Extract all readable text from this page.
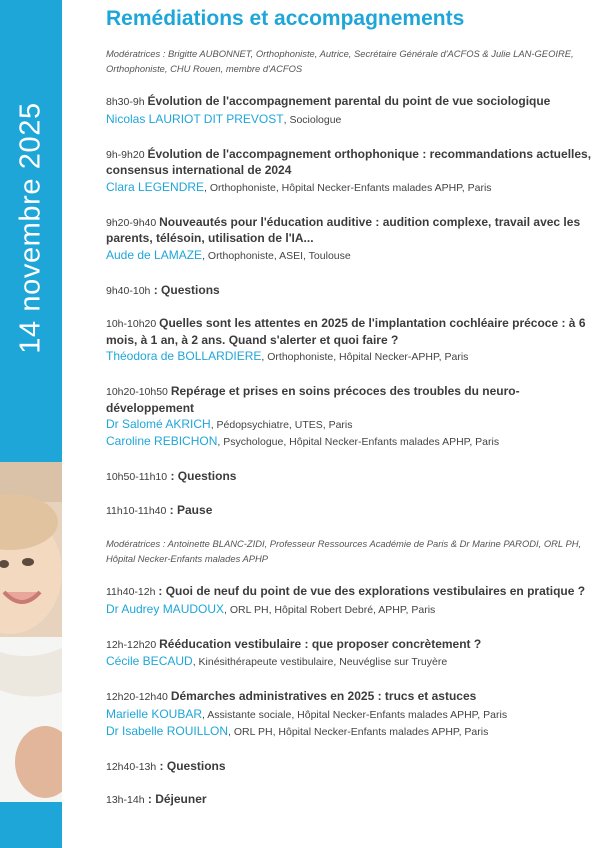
14 novembre 2025
Remédiations et accompagnements
Modératrices : Brigitte AUBONNET, Orthophoniste, Autrice, Secrétaire Générale d'ACFOS & Julie LAN-GEOIRE, Orthophoniste, CHU Rouen, membre d'ACFOS
8h30-9h Évolution de l'accompagnement parental du point de vue sociologique
Nicolas LAURIOT DIT PREVOST, Sociologue
9h-9h20 Évolution de l'accompagnement orthophonique : recommandations actuelles, consensus international de 2024
Clara LEGENDRE, Orthophoniste, Hôpital Necker-Enfants malades APHP, Paris
9h20-9h40 Nouveautés pour l'éducation auditive : audition complexe, travail avec les parents, télésoin, utilisation de l'IA...
Aude de LAMAZE, Orthophoniste, ASEI, Toulouse
9h40-10h : Questions
10h-10h20 Quelles sont les attentes en 2025 de l'implantation cochléaire précoce : à 6 mois, à 1 an, à 2 ans. Quand s'alerter et quoi faire ?
Théodora de BOLLARDIERE, Orthophoniste, Hôpital Necker-APHP, Paris
10h20-10h50 Repérage et prises en soins précoces des troubles du neuro-développement
Dr Salomé AKRICH, Pédopsychiatre, UTES, Paris
Caroline REBICHON, Psychologue, Hôpital Necker-Enfants malades APHP, Paris
10h50-11h10 : Questions
11h10-11h40 : Pause
Modératrices : Antoinette BLANC-ZIDI, Professeur Ressources Académie de Paris & Dr Marine PARODI, ORL PH, Hôpital Necker-Enfants malades APHP
11h40-12h : Quoi de neuf du point de vue des explorations vestibulaires en pratique ?
Dr Audrey MAUDOUX, ORL PH, Hôpital Robert Debré, APHP, Paris
12h-12h20 Rééducation vestibulaire : que proposer concrètement ?
Cécile BECAUD, Kinésithérapeute vestibulaire, Neuvéglise sur Truyère
12h20-12h40 Démarches administratives en 2025 : trucs et astuces
Marielle KOUBAR, Assistante sociale, Hôpital Necker-Enfants malades APHP, Paris
Dr Isabelle ROUILLON, ORL PH, Hôpital Necker-Enfants malades APHP, Paris
12h40-13h : Questions
13h-14h : Déjeuner
